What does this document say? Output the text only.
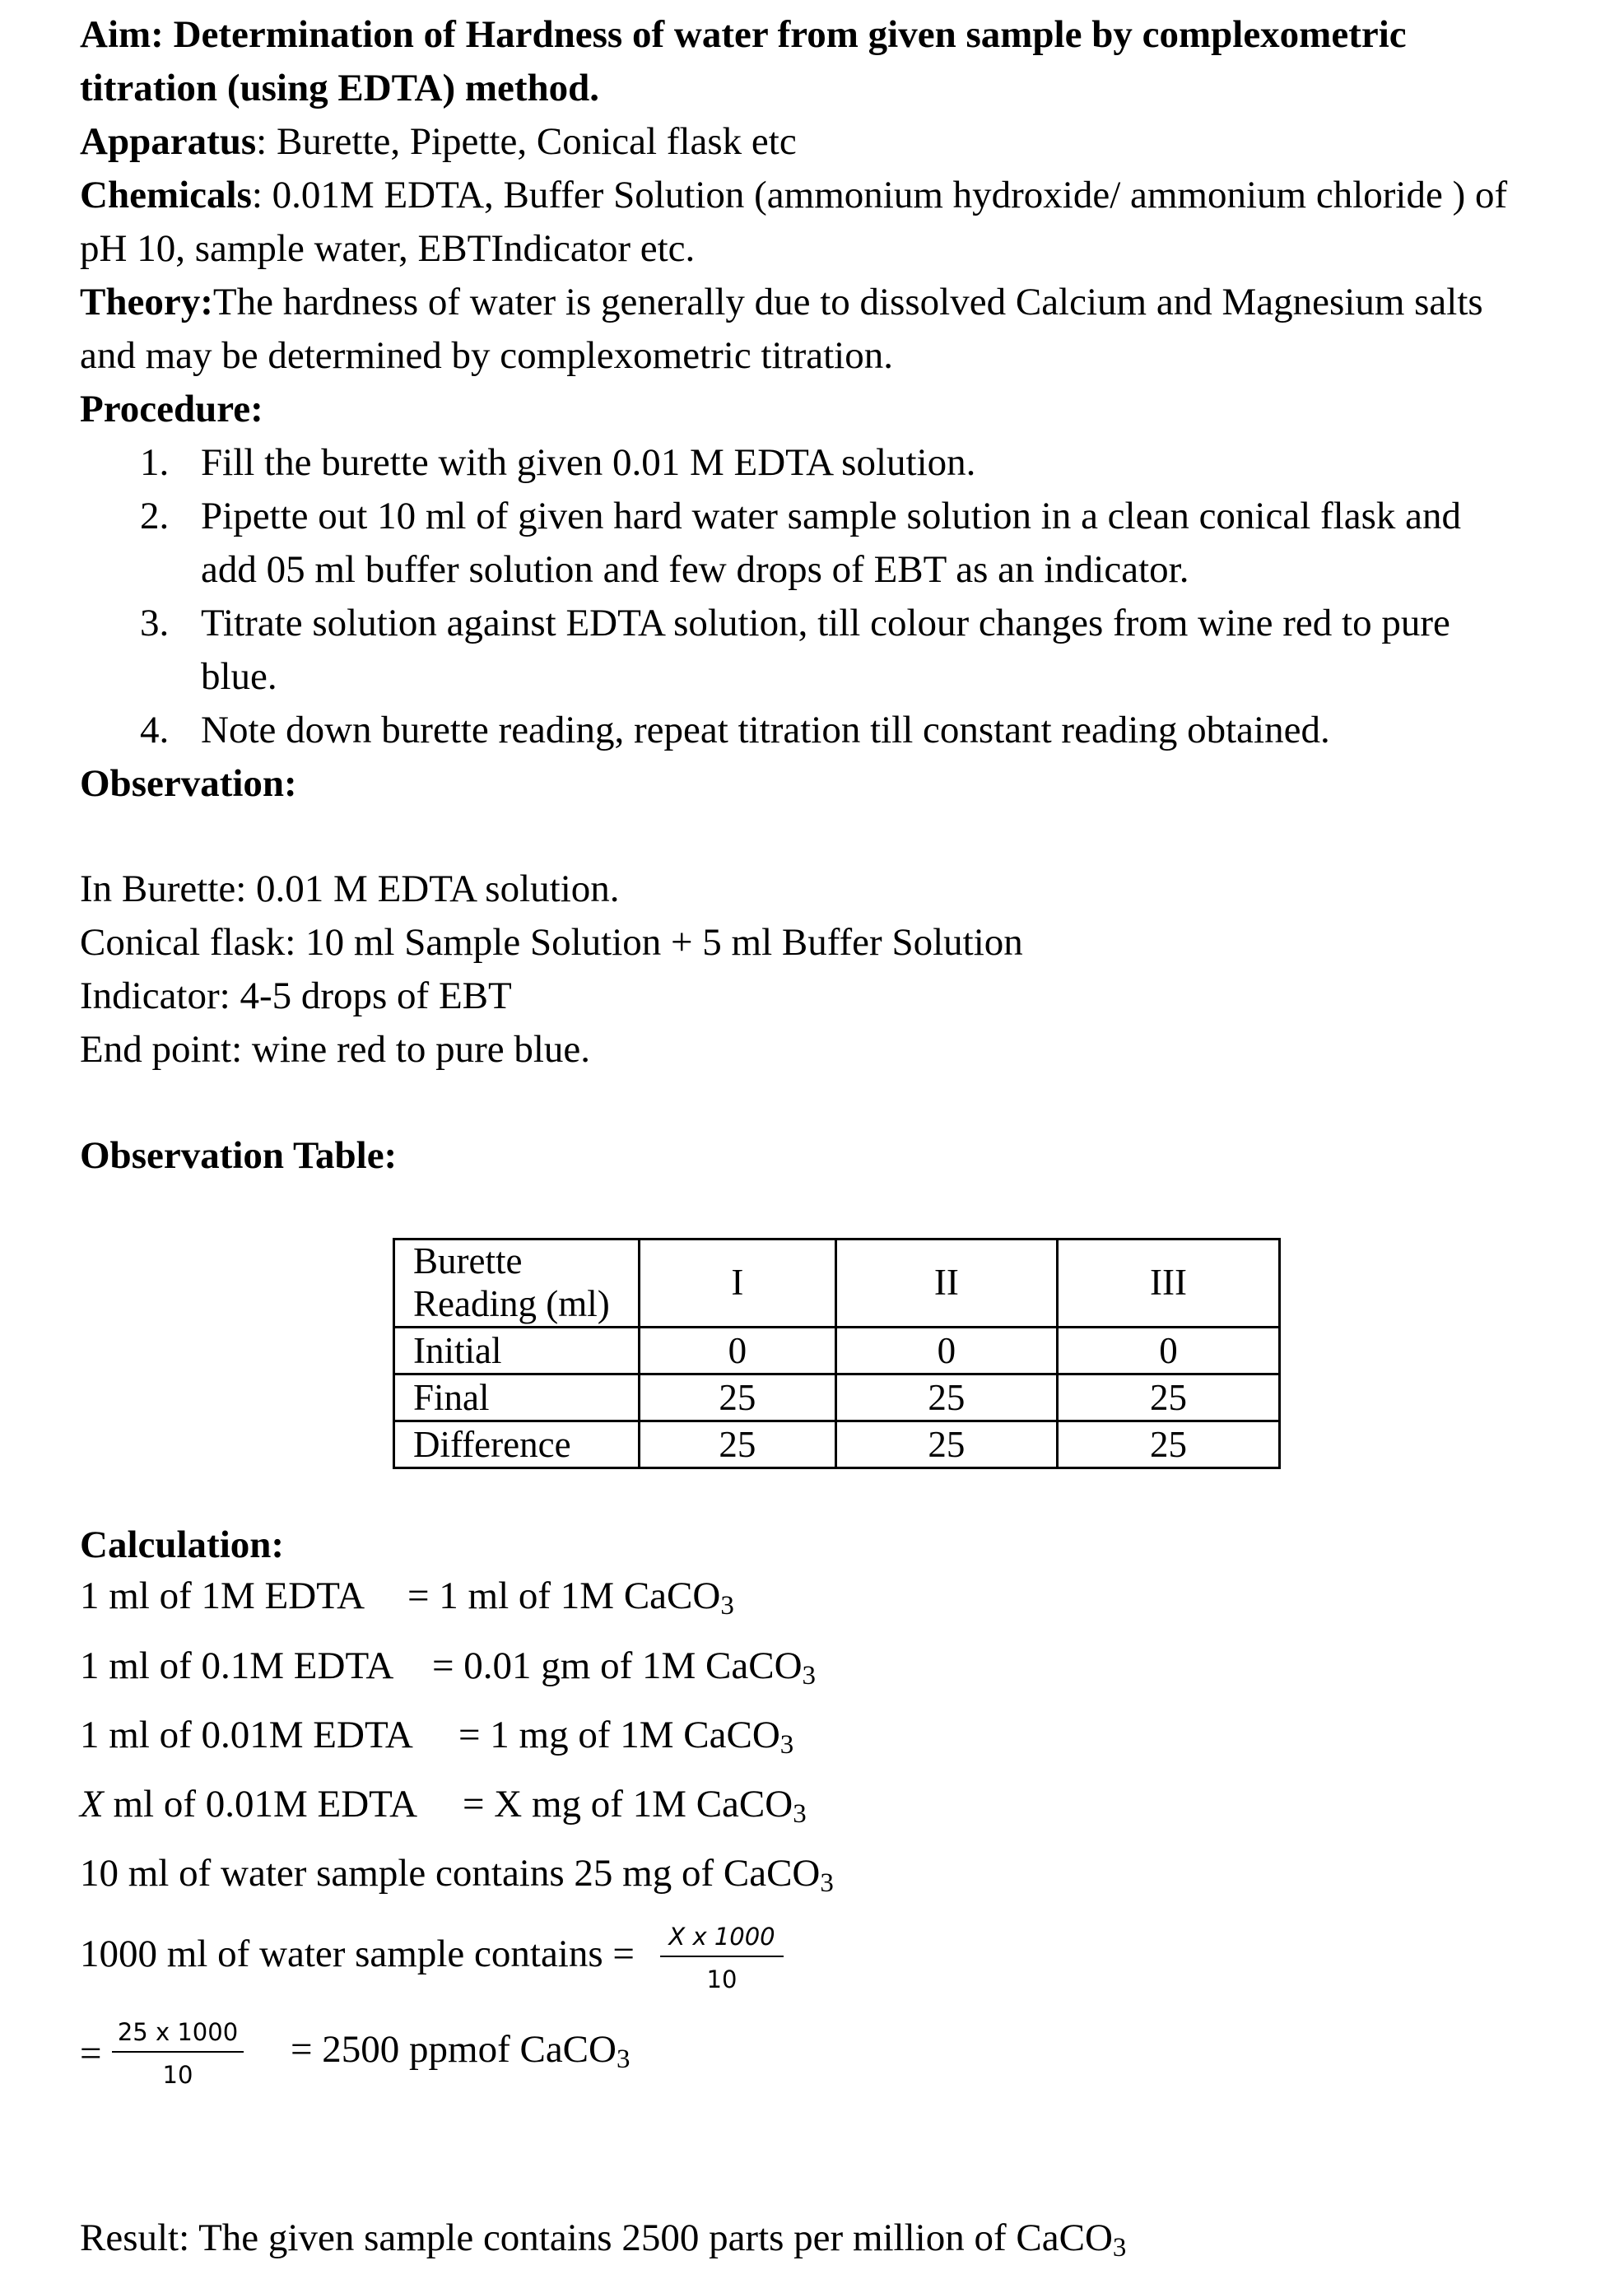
Aim: Determination of Hardness of water from given sample by complexometric
titration (using EDTA) method.
Apparatus: Burette, Pipette, Conical flask etc
Chemicals: 0.01M EDTA, Buffer Solution (ammonium hydroxide/ ammonium chloride ) of
pH 10, sample water, EBTIndicator etc.
Theory:The hardness of water is generally due to dissolved Calcium and Magnesium salts
and may be determined by complexometric titration.
Procedure:
1. Fill the burette with given 0.01 M EDTA solution.
2. Pipette out 10 ml of given hard water sample solution in a clean conical flask and
add 05 ml buffer solution and few drops of EBT as an indicator.
3. Titrate solution against EDTA solution, till colour changes from wine red to pure
blue.
4. Note down burette reading, repeat titration till constant reading obtained.
Observation:
In Burette: 0.01 M EDTA solution.
Conical flask: 10 ml Sample Solution + 5 ml Buffer Solution
Indicator: 4-5 drops of EBT
End point: wine red to pure blue.
Observation Table:
Burette
Reading (ml)	I	II	III
Initial	0	0	0
Final	25	25	25
Difference	25	25	25
Calculation:
1 ml of 1M EDTA = 1 ml of 1M CaCO$_3$
1 ml of 0.1M EDTA = 0.01 gm of 1M CaCO$_3$
1 ml of 0.01M EDTA = 1 mg of 1M CaCO$_3$
X ml of 0.01M EDTA = X mg of 1M CaCO$_3$
10 ml of water sample contains 25 mg of CaCO$_3$
1000 ml of water sample contains = $\frac{\text{X x 1000}}{10}$
= $\frac{25 x 1000}{10} = 2500$ ppmof CaCO$_3$
Result: The given sample contains 2500 parts per million of CaCO$_3$
